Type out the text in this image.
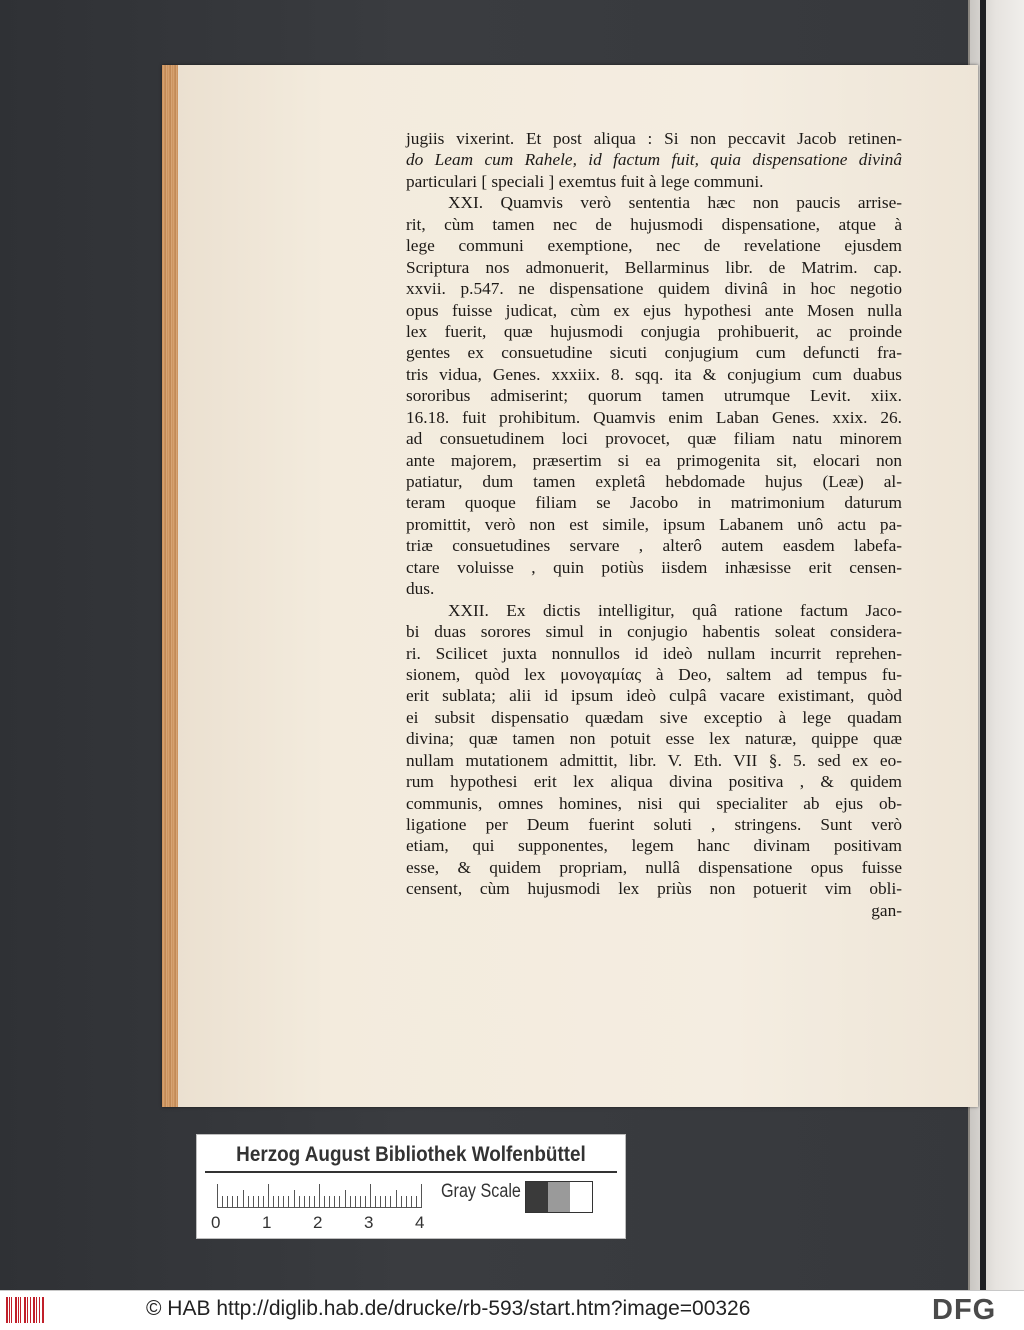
jugiis vixerint. Et post aliqua : Si non peccavit Jacob retinen-
do Leam cum Rahele, id factum fuit, quia dispensatione divinâ
particulari [ speciali ] exemtus fuit à lege communi.
XXI. Quamvis verò sententia hæc non paucis arrise-
rit, cùm tamen nec de hujusmodi dispensatione, atque à
lege communi exemptione, nec de revelatione ejusdem
Scriptura nos admonuerit, Bellarminus libr. de Matrim. cap.
xxvii. p.547. ne dispensatione quidem divinâ in hoc negotio
opus fuisse judicat, cùm ex ejus hypothesi ante Mosen nulla
lex fuerit, quæ hujusmodi conjugia prohibuerit, ac proinde
gentes ex consuetudine sicuti conjugium cum defuncti fra-
tris vidua, Genes. xxxiix. 8. sqq. ita & conjugium cum duabus
sororibus admiserint; quorum tamen utrumque Levit. xiix.
16.18. fuit prohibitum. Quamvis enim Laban Genes. xxix. 26.
ad consuetudinem loci provocet, quæ filiam natu minorem
ante majorem, præsertim si ea primogenita sit, elocari non
patiatur, dum tamen expletâ hebdomade hujus (Leæ) al-
teram quoque filiam se Jacobo in matrimonium daturum
promittit, verò non est simile, ipsum Labanem unô actu pa-
triæ consuetudines servare , alterô autem easdem labefa-
ctare voluisse , quin potiùs iisdem inhæsisse erit censen-
dus.
XXII. Ex dictis intelligitur, quâ ratione factum Jaco-
bi duas sorores simul in conjugio habentis soleat considera-
ri. Scilicet juxta nonnullos id ideò nullam incurrit reprehen-
sionem, quòd lex μονογαμίας à Deo, saltem ad tempus fu-
erit sublata; alii id ipsum ideò culpâ vacare existimant, quòd
ei subsit dispensatio quædam sive exceptio à lege quadam
divina; quæ tamen non potuit esse lex naturæ, quippe quæ
nullam mutationem admittit, libr. V. Eth. VII §. 5. sed ex eo-
rum hypothesi erit lex aliqua divina positiva , & quidem
communis, omnes homines, nisi qui specialiter ab ejus ob-
ligatione per Deum fuerint soluti , stringens. Sunt verò
etiam, qui supponentes, legem hanc divinam positivam
esse, & quidem propriam, nullâ dispensatione opus fuisse
censent, cùm hujusmodi lex priùs non potuerit vim obli-
gan-
Herzog August Bibliothek Wolfenbüttel
0 1 2 3 4
Gray Scale
© HAB http://diglib.hab.de/drucke/rb-593/start.htm?image=00326	DFG
